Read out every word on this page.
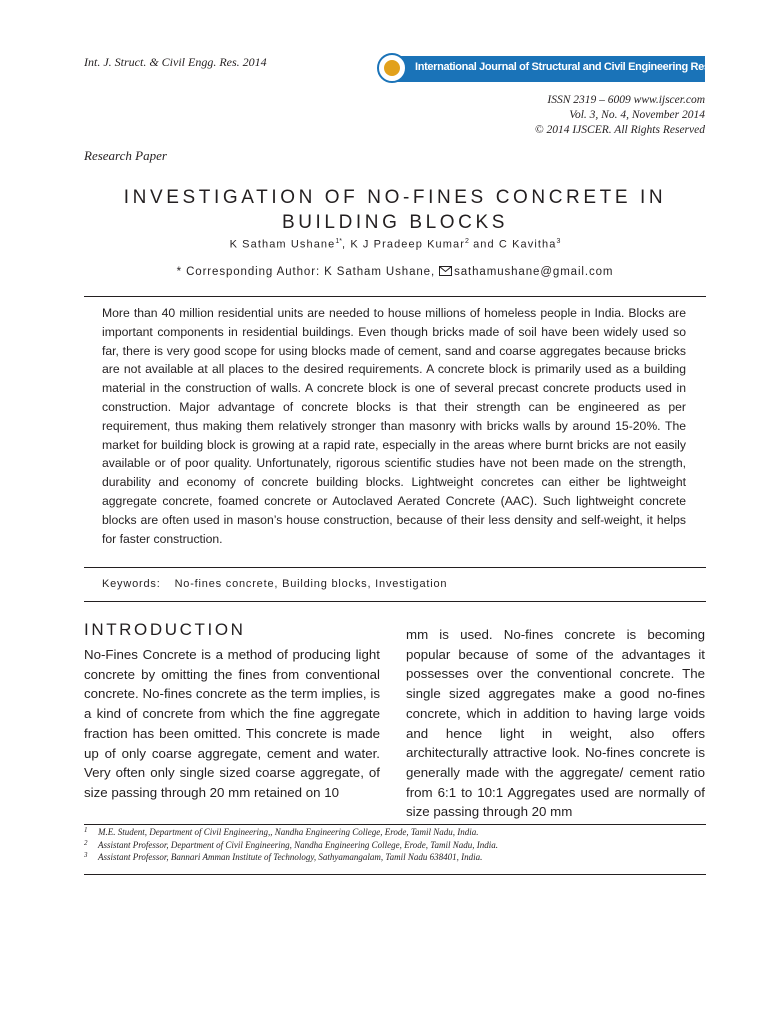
Int. J. Struct. & Civil Engg. Res. 2014	International Journal of Structural and Civil Engineering Research
ISSN 2319 – 6009 www.ijscer.com
Vol. 3, No. 4, November 2014
© 2014 IJSCER. All Rights Reserved
Research Paper
INVESTIGATION OF NO-FINES CONCRETE IN
BUILDING BLOCKS
K Satham Ushane$^{1*}$, K J Pradeep Kumar$^2$ and C Kavitha$^3$
* Corresponding Author: K Satham Ushane, sathamushane@gmail.com

More than 40 million residential units are needed to house millions of homeless people in India. Blocks are important components in residential buildings. Even though bricks made of soil have been widely used so far, there is very good scope for using blocks made of cement, sand and coarse aggregates because bricks are not available at all places to the desired requirements. A concrete block is primarily used as a building material in the construction of walls. A concrete block is one of several precast concrete products used in construction. Major advantage of concrete blocks is that their strength can be engineered as per requirement, thus making them relatively stronger than masonry with bricks walls by around 15-20%. The market for building block is growing at a rapid rate, especially in the areas where burnt bricks are not easily available or of poor quality. Unfortunately, rigorous scientific studies have not been made on the strength, durability and economy of concrete building blocks. Lightweight concretes can either be lightweight aggregate concrete, foamed concrete or Autoclaved Aerated Concrete (AAC). Such lightweight concrete blocks are often used in mason’s house construction, because of their less density and self-weight, it helps for faster construction.

Keywords: No-fines concrete, Building blocks, Investigation
INTRODUCTION

No-Fines Concrete is a method of producing light concrete by omitting the fines from conventional concrete. No-fines concrete as the term implies, is a kind of concrete from which the fine aggregate fraction has been omitted. This concrete is made up of only coarse aggregate, cement and water. Very often only single sized coarse aggregate, of size passing through 20 mm retained on 10

mm is used. No-fines concrete is becoming popular because of some of the advantages it possesses over the conventional concrete. The single sized aggregates make a good no-fines concrete, which in addition to having large voids and hence light in weight, also offers architecturally attractive look. No-fines concrete is generally made with the aggregate/ cement ratio from 6:1 to 10:1 Aggregates used are normally of size passing through 20 mm

1 M.E. Student, Department of Civil Engineering,, Nandha Engineering College, Erode, Tamil Nadu, India.
2 Assistant Professor, Department of Civil Engineering, Nandha Engineering College, Erode, Tamil Nadu, India.
3 Assistant Professor, Bannari Amman Institute of Technology, Sathyamangalam, Tamil Nadu 638401, India.
